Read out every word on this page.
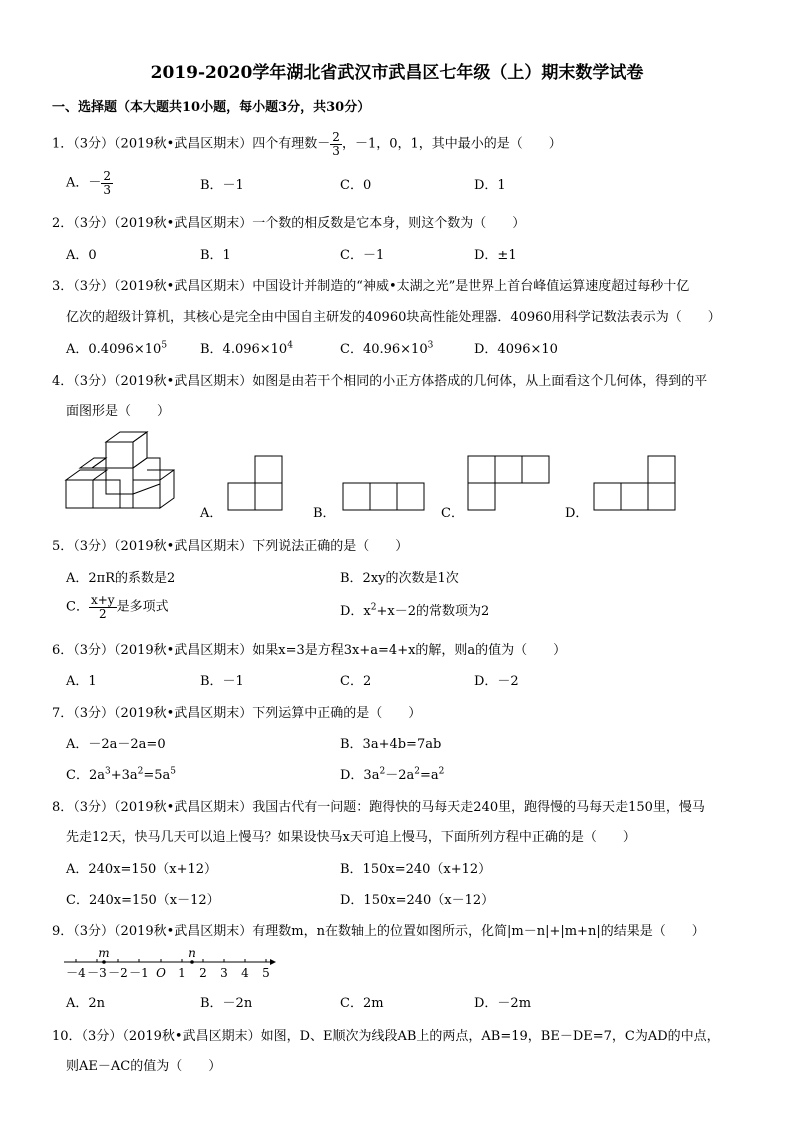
2019-2020学年湖北省武汉市武昌区七年级（上）期末数学试卷
一、选择题（本大题共10小题，每小题3分，共30分）
1．（3分）（2019秋•武昌区期末）四个有理数－ $\frac{2}{3}$ ，－1，0，1，其中最小的是（　　）
A．－ $\frac{2}{3}$	B．－1	C．0	D．1
2．（3分）（2019秋•武昌区期末）一个数的相反数是它本身，则这个数为（　　）
A．0	B．1	C．－1	D．±1
3．（3分）（2019秋•武昌区期末）中国设计并制造的“神威•太湖之光”是世界上首台峰值运算速度超过每秒十亿
亿次的超级计算机，其核心是完全由中国自主研发的40960块高性能处理器．40960用科学记数法表示为（　　）
A．$0.4096\times 10^5$	B．$4.096\times 10^4$	C．$40.96\times 10^3$	D．4096×10
4．（3分）（2019秋•武昌区期末）如图是由若干个相同的小正方体搭成的几何体，从上面看这个几何体，得到的平
面图形是（　　）
A．	B．	C．	D．
5．（3分）（2019秋•武昌区期末）下列说法正确的是（　　）
A．2πR的系数是2	B．2xy的次数是1次
C． $\frac{x+y}{2}$ 是多项式	D．$x^2+x-2$的常数项为2
6．（3分）（2019秋•武昌区期末）如果x=3是方程3x+a=4+x的解，则a的值为（　　）
A．1	B．－1	C．2	D．－2
7．（3分）（2019秋•武昌区期末）下列运算中正确的是（　　）
A．－2a－2a=0	B．3a+4b=7ab
C．$2a^3+3a^2=5a^5$	D．$3a^2-2a^2=a^2$
8．（3分）（2019秋•武昌区期末）我国古代有一问题：跑得快的马每天走240里，跑得慢的马每天走150里，慢马
先走12天，快马几天可以追上慢马？如果设快马x天可追上慢马，下面所列方程中正确的是（　　）
A．240x=150（x+12）	B．150x=240（x+12）
C．240x=150（x－12）	D．150x=240（x－12）
9．（3分）（2019秋•武昌区期末）有理数m，n在数轴上的位置如图所示，化简|m－n|+|m+n|的结果是（　　）
－4 －3 －2 －1 O 1 2 3 4 5
m	n
A．2n	B．－2n	C．2m	D．－2m
10．（3分）（2019秋•武昌区期末）如图，D、E顺次为线段AB上的两点，AB=19，BE－DE=7，C为AD的中点，
则AE－AC的值为（　　）
